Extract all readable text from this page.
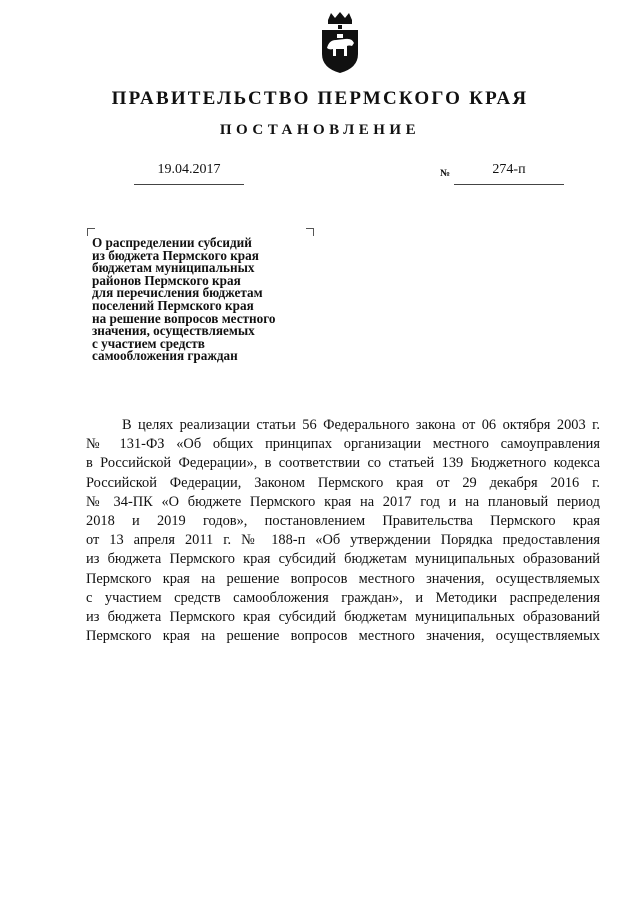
ПРАВИТЕЛЬСТВО ПЕРМСКОГО КРАЯ
ПОСТАНОВЛЕНИЕ
19.04.2017	№	274-п

О распределении субсидий
из бюджета Пермского края
бюджетам муниципальных
районов Пермского края
для перечисления бюджетам
поселений Пермского края
на решение вопросов местного
значения, осуществляемых
с участием средств
самообложения граждан

В целях реализации статьи 56 Федерального закона от 06 октября 2003 г.
№ 131-ФЗ «Об общих принципах организации местного самоуправления
в Российской Федерации», в соответствии со статьей 139 Бюджетного кодекса
Российской Федерации, Законом Пермского края от 29 декабря 2016 г.
№ 34-ПК «О бюджете Пермского края на 2017 год и на плановый период
2018 и 2019 годов», постановлением Правительства Пермского края
от 13 апреля 2011 г. № 188-п «Об утверждении Порядка предоставления
из бюджета Пермского края субсидий бюджетам муниципальных образований
Пермского края на решение вопросов местного значения, осуществляемых
с участием средств самообложения граждан», и Методики распределения
из бюджета Пермского края субсидий бюджетам муниципальных образований
Пермского края на решение вопросов местного значения, осуществляемых
